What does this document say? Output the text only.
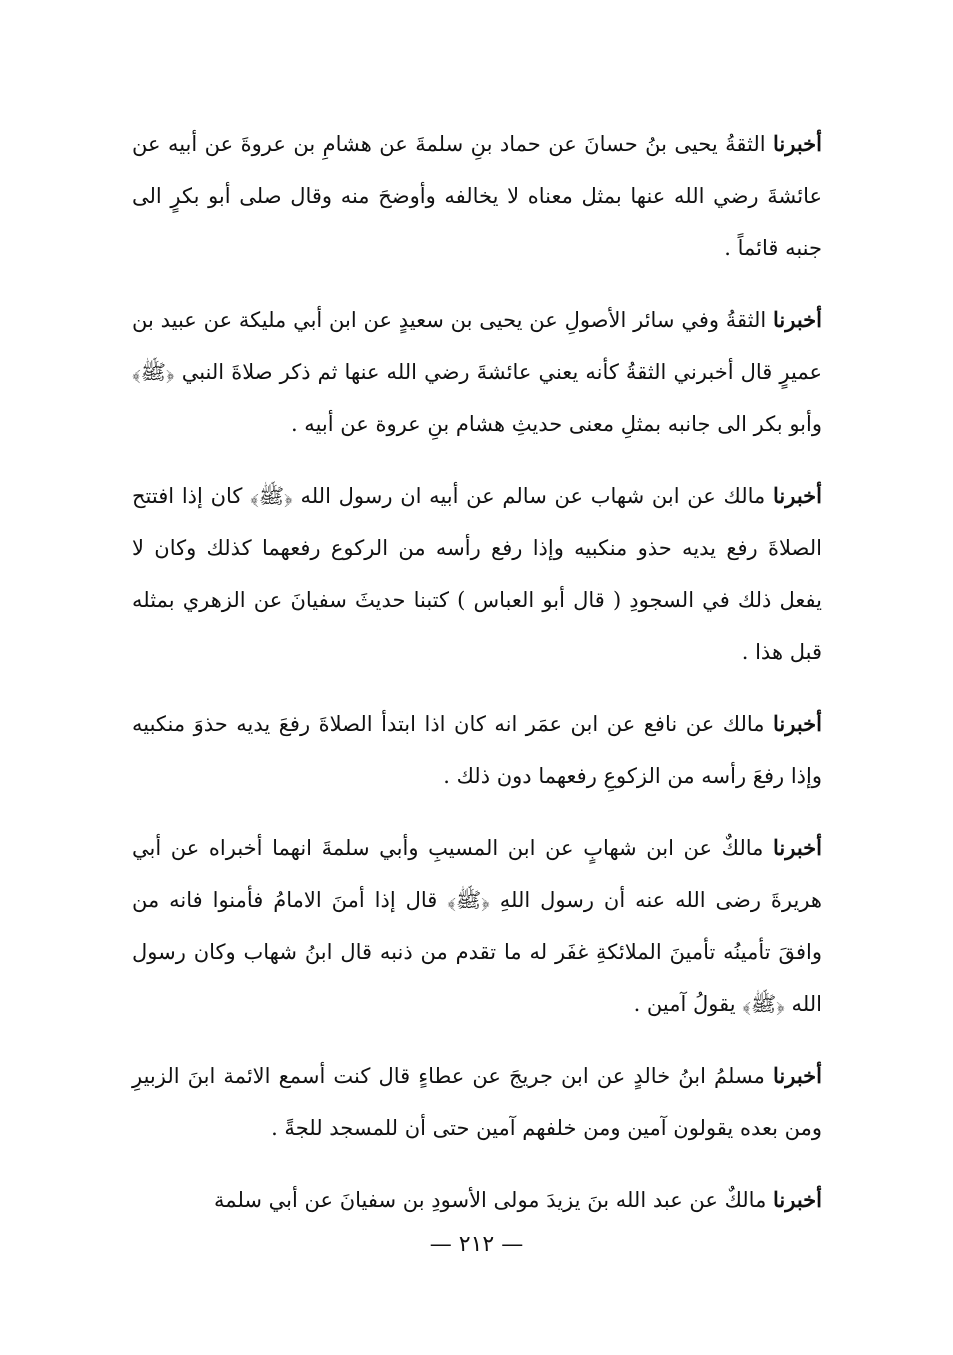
أخبرنا الثقةُ يحيى بنُ حسانَ عن حماد بنِ سلمةَ عن هشامِ بن عروةَ عن أبيه عن عائشةَ رضي الله عنها بمثل معناه لا يخالفه وأوضحَ منه وقال صلى أبو بكرٍ الى جنبه قائماً .

أخبرنا الثقةُ وفي سائر الأصولِ عن يحيى بن سعيدٍ عن ابن أبي مليكة عن عبيد بن عميرٍ قال أخبرني الثقةُ كأنه يعني عائشةَ رضي الله عنها ثم ذكر صلاةَ النبي ﴿ﷺ﴾ وأبو بكر الى جانبه بمثلِ معنى حديثِ هشام بنِ عروة عن أبيه .

أخبرنا مالك عن ابن شهاب عن سالم عن أبيه ان رسول الله ﴿ﷺ﴾ كان إذا افتتح الصلاةَ رفع يديه حذو منكبيه وإذا رفع رأسه من الركوع رفعهما كذلك وكان لا يفعل ذلك في السجودِ ( قال أبو العباس ) كتبنا حديثَ سفيانَ عن الزهري بمثله قبل هذا .

أخبرنا مالك عن نافع عن ابن عمَر انه كان اذا ابتدأ الصلاةَ رفعَ يديه حذوَ منكبيه وإذا رفعَ رأسه من الزكوعِ رفعهما دون ذلك .

أخبرنا مالكٌ عن ابن شهابٍ عن ابن المسيبِ وأبي سلمةَ انهما أخبراه عن أبي هريرةَ رضى الله عنه أن رسول اللهِ ﴿ﷺ﴾ قال إذا أمنَ الامامُ فأمنوا فانه من وافقَ تأمينُه تأمينَ الملائكةِ غفَر له ما تقدم من ذنبه قال ابنُ شهاب وكان رسول الله ﴿ﷺ﴾ يقولُ آمين .

أخبرنا مسلمُ ابنُ خالدٍ عن ابن جريجَ عن عطاءٍ قال كنت أسمع الائمة ابنَ الزبيرِ ومن بعده يقولون آمين ومن خلفهم آمين حتى أن للمسجد للجةً .

أخبرنا مالكٌ عن عبد الله بنَ يزيدَ مولى الأسودِ بن سفيانَ عن أبي سلمة

— ٢١٢ —
